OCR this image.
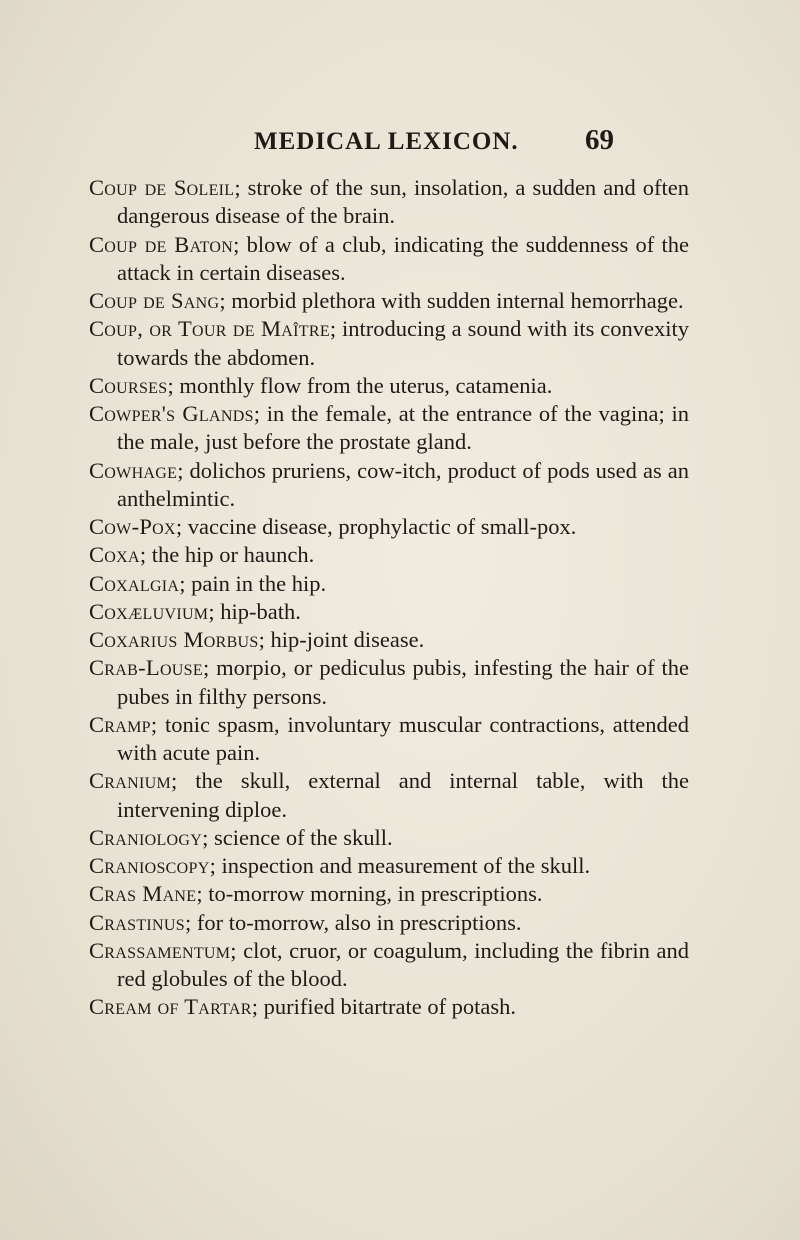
MEDICAL LEXICON. 69

Coup de Soleil; stroke of the sun, insolation, a sudden and often dangerous disease of the brain.

Coup de Baton; blow of a club, indicating the suddenness of the attack in certain diseases.

Coup de Sang; morbid plethora with sudden internal hemorrhage.

Coup, or Tour de Maître; introducing a sound with its convexity towards the abdomen.

Courses; monthly flow from the uterus, catamenia.

Cowper's Glands; in the female, at the entrance of the vagina; in the male, just before the prostate gland.

Cowhage; dolichos pruriens, cow-itch, product of pods used as an anthelmintic.

Cow-Pox; vaccine disease, prophylactic of small-pox.

Coxa; the hip or haunch.

Coxalgia; pain in the hip.

Coxæluvium; hip-bath.

Coxarius Morbus; hip-joint disease.

Crab-Louse; morpio, or pediculus pubis, infesting the hair of the pubes in filthy persons.

Cramp; tonic spasm, involuntary muscular contractions, attended with acute pain.

Cranium; the skull, external and internal table, with the intervening diploe.

Craniology; science of the skull.

Cranioscopy; inspection and measurement of the skull.

Cras Mane; to-morrow morning, in prescriptions.

Crastinus; for to-morrow, also in prescriptions.

Crassamentum; clot, cruor, or coagulum, including the fibrin and red globules of the blood.

Cream of Tartar; purified bitartrate of potash.
